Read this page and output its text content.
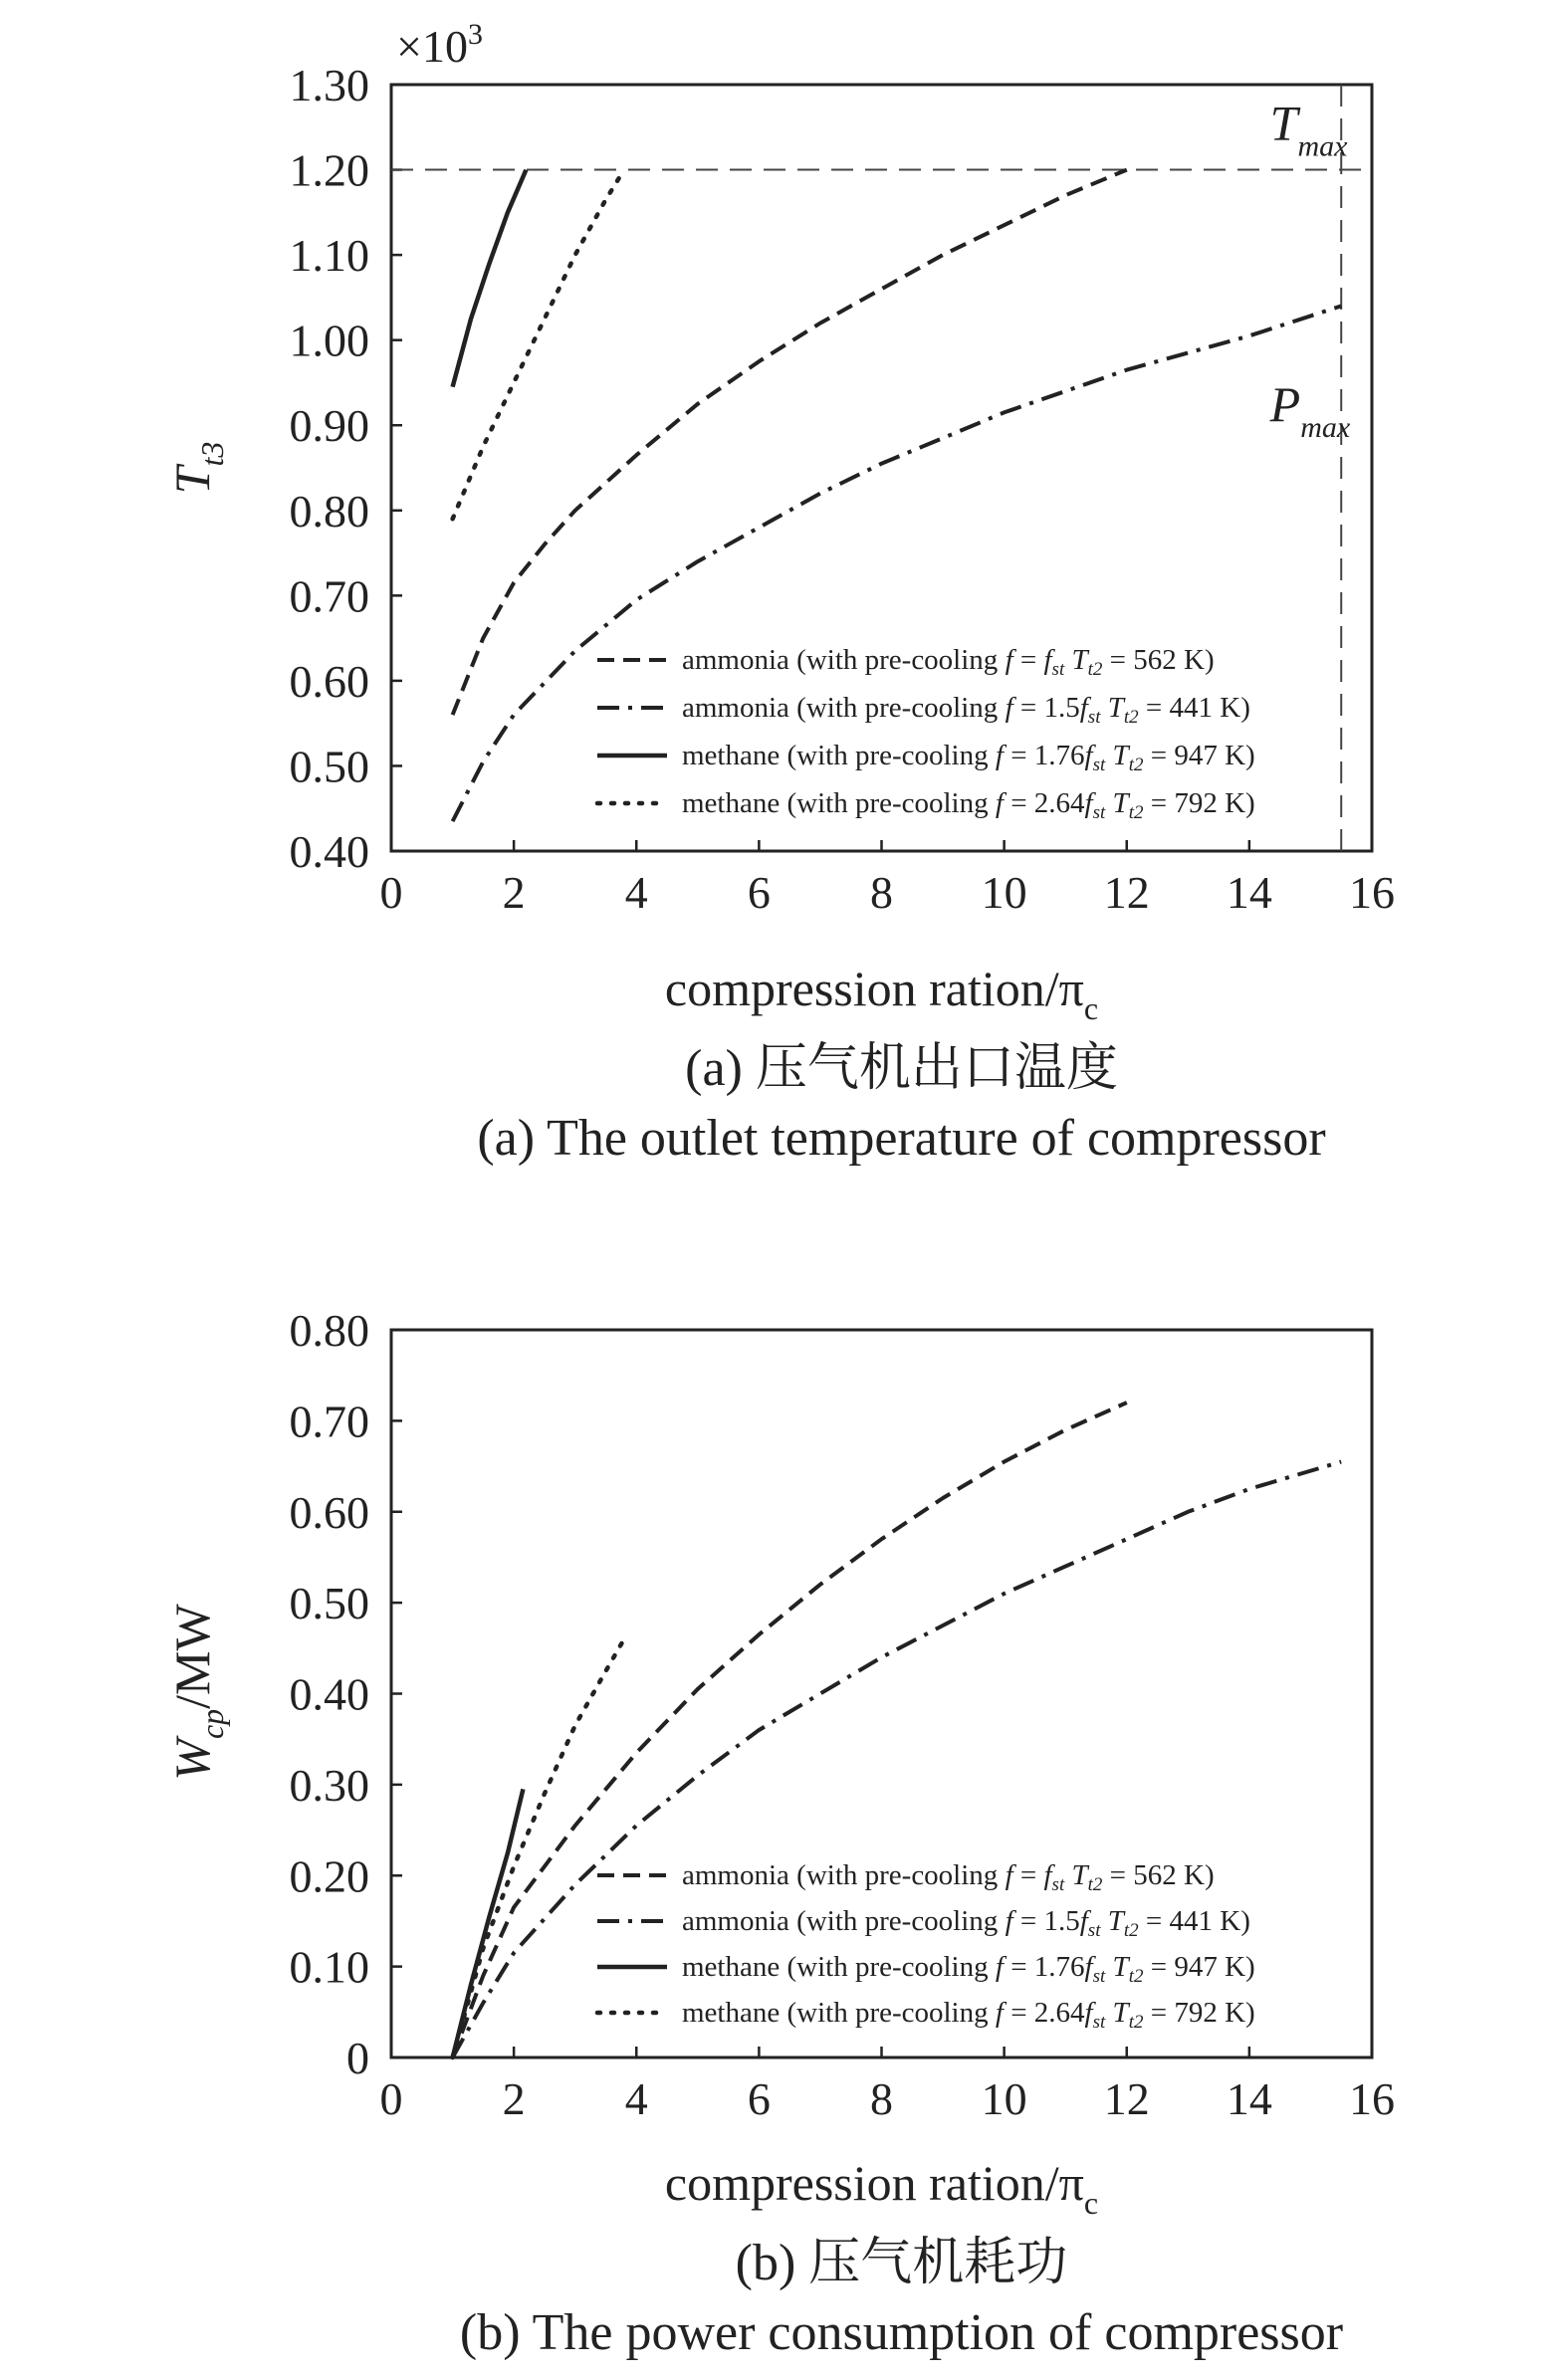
0 2 4 6 8 10 12 14 16
0.40
0.50
0.60
0.70
0.80
0.90
1.00
1.10
1.20
1.30
$\times 10^3$
$T_{max}$
$P_{max}$
ammonia (with pre-cooling $f = f_{st}$ $T_{t2} = 562$ K)
ammonia (with pre-cooling $f = 1.5f_{st}$ $T_{t2} = 441$ K)
methane (with pre-cooling $f = 1.76f_{st}$ $T_{t2} = 947$ K)
methane (with pre-cooling $f = 2.64f_{st}$ $T_{t2} = 792$ K)
$T_{t3}$
compression ration/$\pi_c$
(a) 压气机出口温度
(a) The outlet temperature of compressor
0 2 4 6 8 10 12 14 16
0
0.10
0.20
0.30
0.40
0.50
0.60
0.70
0.80
ammonia (with pre-cooling $f = f_{st}$ $T_{t2} = 562$ K)
ammonia (with pre-cooling $f = 1.5f_{st}$ $T_{t2} = 441$ K)
methane (with pre-cooling $f = 1.76f_{st}$ $T_{t2} = 947$ K)
methane (with pre-cooling $f = 2.64f_{st}$ $T_{t2} = 792$ K)
$W_{cp}/MW$
compression ration/$\pi_c$
(b) 压气机耗功
(b) The power consumption of compressor
